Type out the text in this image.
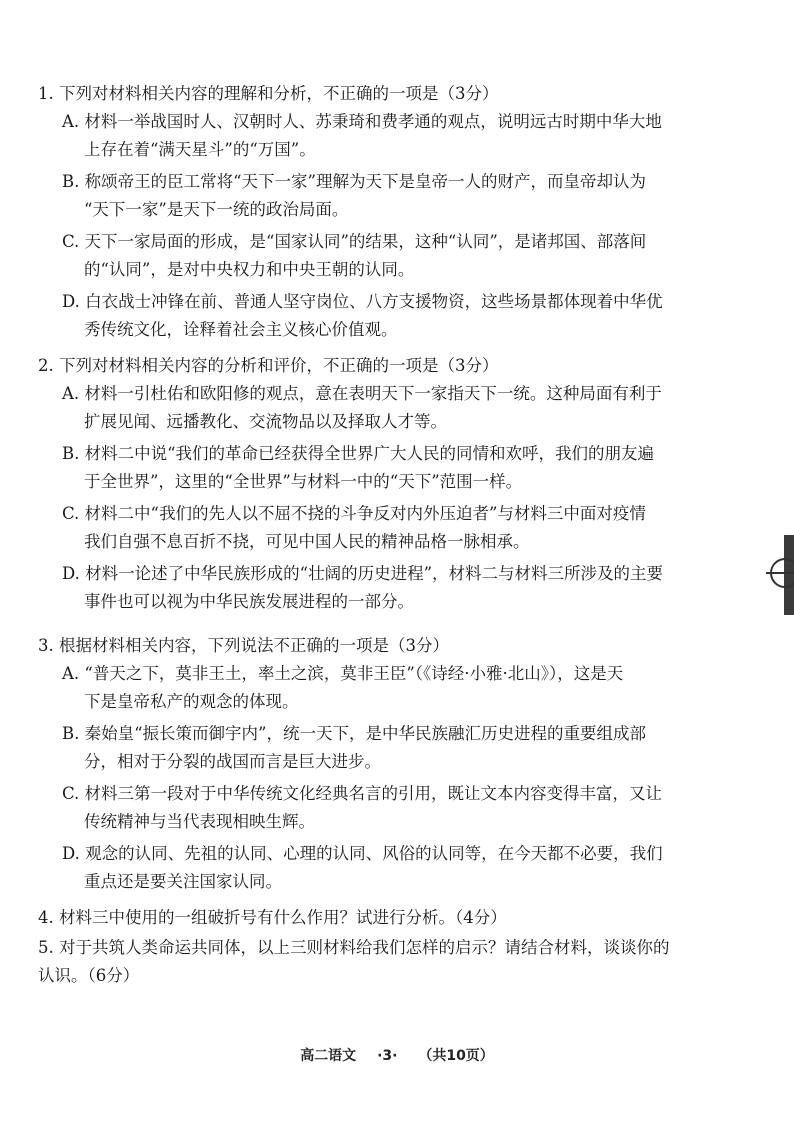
1. 下列对材料相关内容的理解和分析，不正确的一项是（3分）
A. 材料一举战国时人、汉朝时人、苏秉琦和费孝通的观点，说明远古时期中华大地
上存在着“满天星斗”的“万国”。
B. 称颂帝王的臣工常将“天下一家”理解为天下是皇帝一人的财产，而皇帝却认为
“天下一家”是天下一统的政治局面。
C. 天下一家局面的形成，是“国家认同”的结果，这种“认同”，是诸邦国、部落间
的“认同”，是对中央权力和中央王朝的认同。
D. 白衣战士冲锋在前、普通人坚守岗位、八方支援物资，这些场景都体现着中华优
秀传统文化，诠释着社会主义核心价值观。
2. 下列对材料相关内容的分析和评价，不正确的一项是（3分）
A. 材料一引杜佑和欧阳修的观点，意在表明天下一家指天下一统。这种局面有利于
扩展见闻、远播教化、交流物品以及择取人才等。
B. 材料二中说“我们的革命已经获得全世界广大人民的同情和欢呼，我们的朋友遍
于全世界”，这里的“全世界”与材料一中的“天下”范围一样。
C. 材料二中“我们的先人以不屈不挠的斗争反对内外压迫者”与材料三中面对疫情
我们自强不息百折不挠，可见中国人民的精神品格一脉相承。
D. 材料一论述了中华民族形成的“壮阔的历史进程”，材料二与材料三所涉及的主要
事件也可以视为中华民族发展进程的一部分。
3. 根据材料相关内容，下列说法不正确的一项是（3分）
A. “普天之下，莫非王土，率土之滨，莫非王臣”（《诗经·小雅·北山》），这是天
下是皇帝私产的观念的体现。
B. 秦始皇“振长策而御宇内”，统一天下，是中华民族融汇历史进程的重要组成部
分，相对于分裂的战国而言是巨大进步。
C. 材料三第一段对于中华传统文化经典名言的引用，既让文本内容变得丰富，又让
传统精神与当代表现相映生辉。
D. 观念的认同、先祖的认同、心理的认同、风俗的认同等，在今天都不必要，我们
重点还是要关注国家认同。
4. 材料三中使用的一组破折号有什么作用？试进行分析。（4分）
5. 对于共筑人类命运共同体，以上三则材料给我们怎样的启示？请结合材料，谈谈你的
认识。（6分）
高二语文 ·3· （共10页）
